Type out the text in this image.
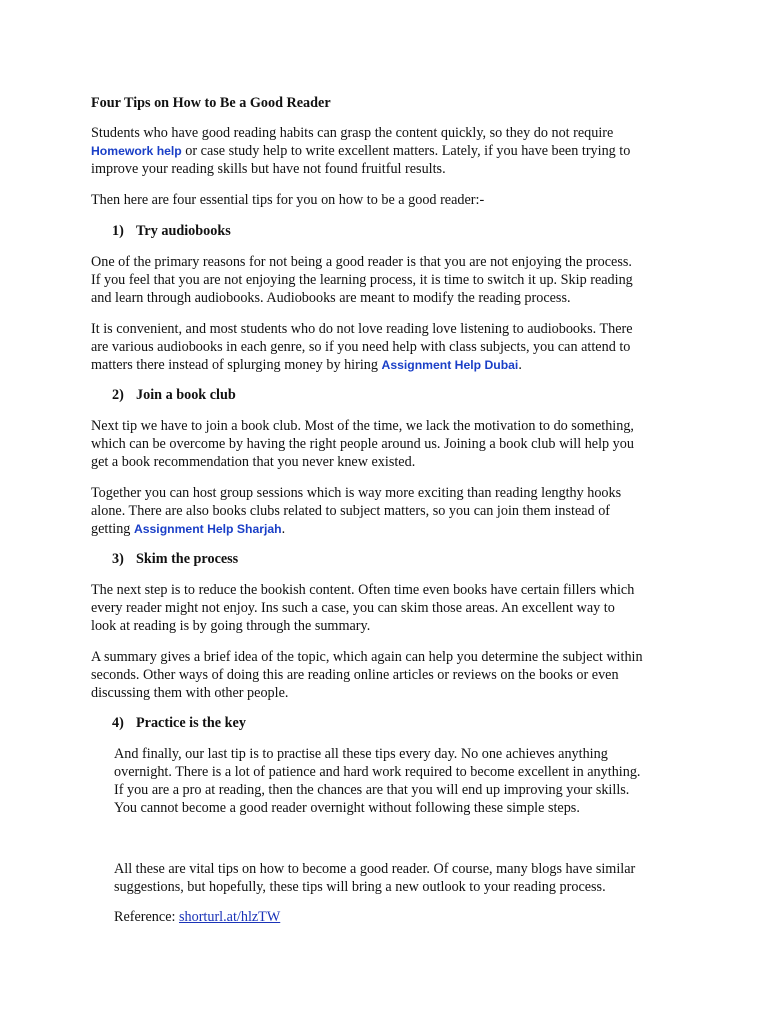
Four Tips on How to Be a Good Reader

Students who have good reading habits can grasp the content quickly, so they do not require

Homework help or case study help to write excellent matters. Lately, if you have been trying to

improve your reading skills but have not found fruitful results.

Then here are four essential tips for you on how to be a good reader:-

1) Try audiobooks

One of the primary reasons for not being a good reader is that you are not enjoying the process.

If you feel that you are not enjoying the learning process, it is time to switch it up. Skip reading

and learn through audiobooks. Audiobooks are meant to modify the reading process.

It is convenient, and most students who do not love reading love listening to audiobooks. There

are various audiobooks in each genre, so if you need help with class subjects, you can attend to

matters there instead of splurging money by hiring Assignment Help Dubai.

2) Join a book club

Next tip we have to join a book club. Most of the time, we lack the motivation to do something,

which can be overcome by having the right people around us. Joining a book club will help you

get a book recommendation that you never knew existed.

Together you can host group sessions which is way more exciting than reading lengthy hooks

alone. There are also books clubs related to subject matters, so you can join them instead of

getting Assignment Help Sharjah.

3) Skim the process

The next step is to reduce the bookish content. Often time even books have certain fillers which

every reader might not enjoy. Ins such a case, you can skim those areas. An excellent way to

look at reading is by going through the summary.

A summary gives a brief idea of the topic, which again can help you determine the subject within

seconds. Other ways of doing this are reading online articles or reviews on the books or even

discussing them with other people.

4) Practice is the key

And finally, our last tip is to practise all these tips every day. No one achieves anything

overnight. There is a lot of patience and hard work required to become excellent in anything.

If you are a pro at reading, then the chances are that you will end up improving your skills.

You cannot become a good reader overnight without following these simple steps.

All these are vital tips on how to become a good reader. Of course, many blogs have similar

suggestions, but hopefully, these tips will bring a new outlook to your reading process.

Reference: shorturl.at/hlzTW
